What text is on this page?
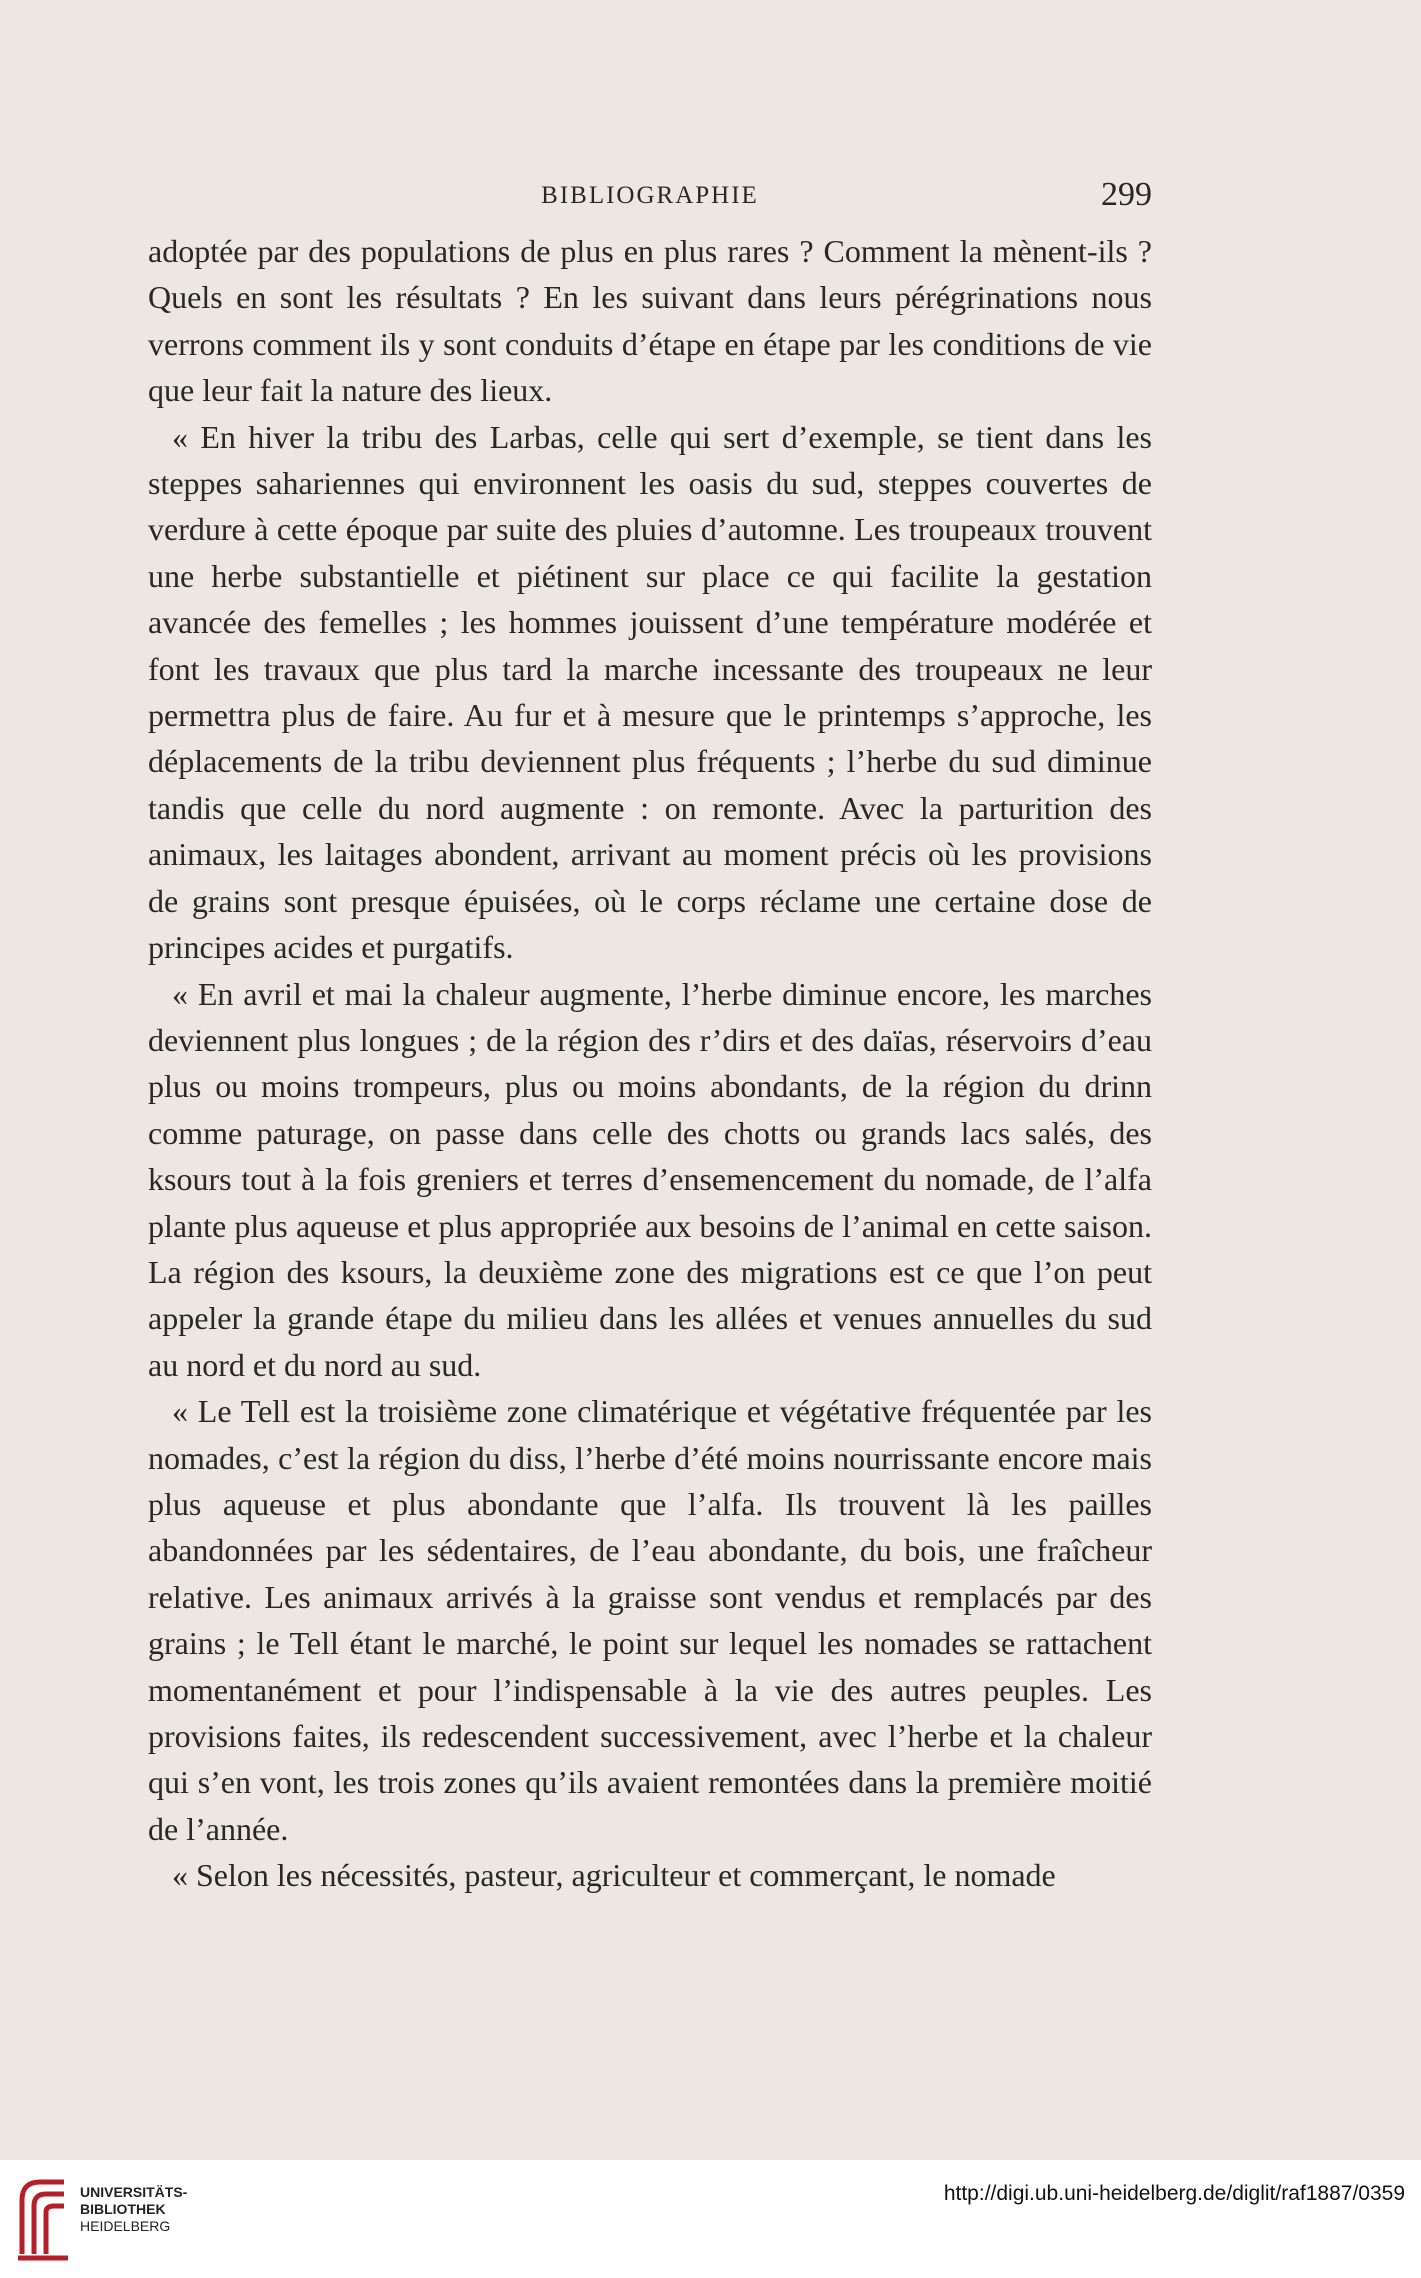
BIBLIOGRAPHIE	299

adoptée par des populations de plus en plus rares ? Comment la mènent-ils ? Quels en sont les résultats ? En les suivant dans leurs pérégrinations nous verrons comment ils y sont conduits d’étape en étape par les conditions de vie que leur fait la nature des lieux.

« En hiver la tribu des Larbas, celle qui sert d’exemple, se tient dans les steppes sahariennes qui environnent les oasis du sud, steppes couvertes de verdure à cette époque par suite des pluies d’automne. Les troupeaux trouvent une herbe substantielle et piétinent sur place ce qui facilite la gestation avancée des femelles ; les hommes jouissent d’une température modérée et font les travaux que plus tard la marche incessante des troupeaux ne leur permettra plus de faire. Au fur et à mesure que le printemps s’approche, les déplacements de la tribu deviennent plus fréquents ; l’herbe du sud diminue tandis que celle du nord augmente : on remonte. Avec la parturition des animaux, les laitages abondent, arrivant au moment précis où les provisions de grains sont presque épuisées, où le corps réclame une certaine dose de principes acides et purgatifs.

« En avril et mai la chaleur augmente, l’herbe diminue encore, les marches deviennent plus longues ; de la région des r’dirs et des daïas, réservoirs d’eau plus ou moins trompeurs, plus ou moins abondants, de la région du drinn comme paturage, on passe dans celle des chotts ou grands lacs salés, des ksours tout à la fois greniers et terres d’ensemencement du nomade, de l’alfa plante plus aqueuse et plus appropriée aux besoins de l’animal en cette saison. La région des ksours, la deuxième zone des migrations est ce que l’on peut appeler la grande étape du milieu dans les allées et venues annuelles du sud au nord et du nord au sud.

« Le Tell est la troisième zone climatérique et végétative fréquentée par les nomades, c’est la région du diss, l’herbe d’été moins nourrissante encore mais plus aqueuse et plus abondante que l’alfa. Ils trouvent là les pailles abandonnées par les sédentaires, de l’eau abondante, du bois, une fraîcheur relative. Les animaux arrivés à la graisse sont vendus et remplacés par des grains ; le Tell étant le marché, le point sur lequel les nomades se rattachent momentanément et pour l’indispensable à la vie des autres peuples. Les provisions faites, ils redescendent successivement, avec l’herbe et la chaleur qui s’en vont, les trois zones qu’ils avaient remontées dans la première moitié de l’année.

« Selon les nécessités, pasteur, agriculteur et commerçant, le nomade

UNIVERSITÄTS-
BIBLIOTHEK
HEIDELBERG
http://digi.ub.uni-heidelberg.de/diglit/raf1887/0359
